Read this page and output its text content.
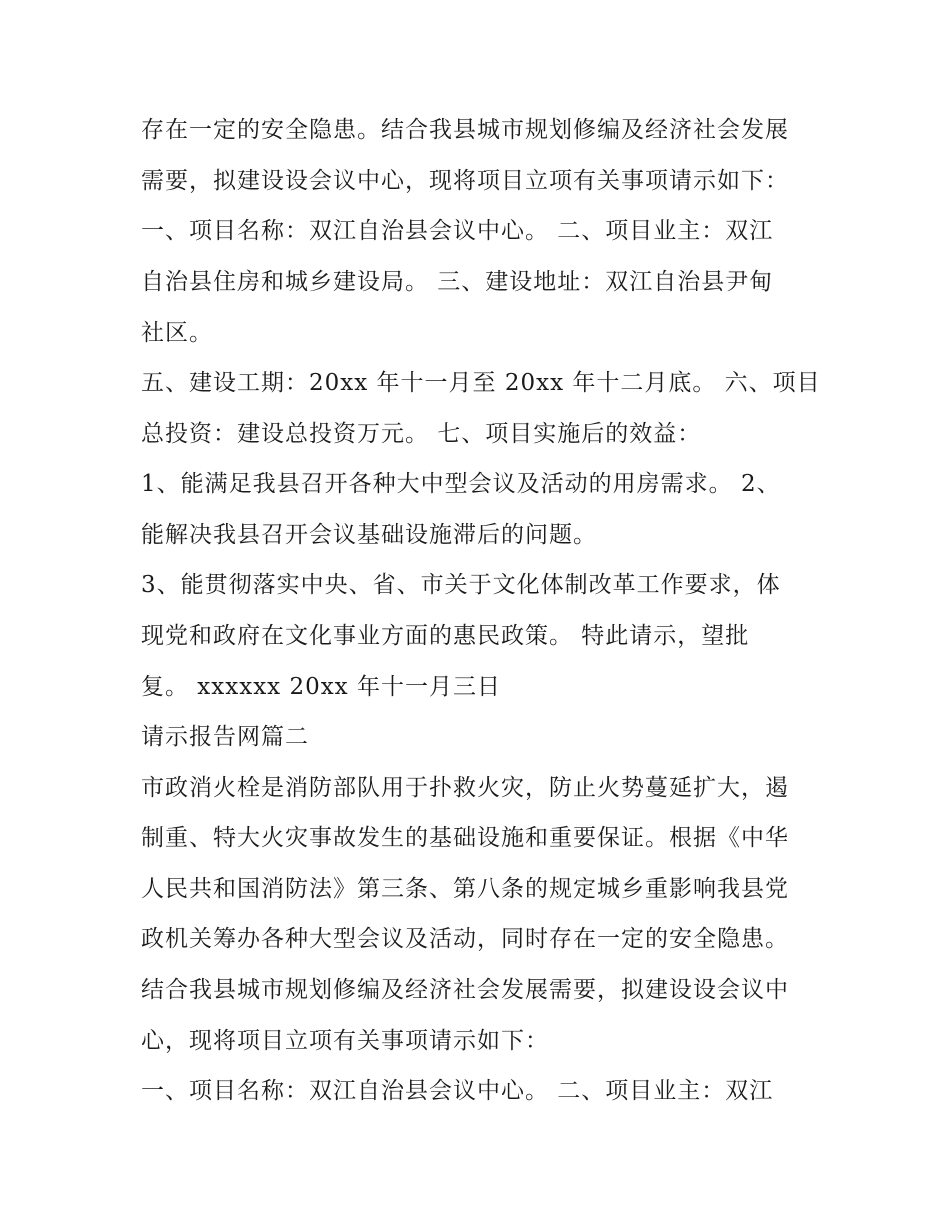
存在一定的安全隐患。结合我县城市规划修编及经济社会发展

需要，拟建设设会议中心，现将项目立项有关事项请示如下：

一、项目名称：双江自治县会议中心。 二、项目业主：双江

自治县住房和城乡建设局。 三、建设地址：双江自治县尹甸

社区。

五、建设工期：20xx 年十一月至 20xx 年十二月底。 六、项目

总投资：建设总投资万元。 七、项目实施后的效益：

1、能满足我县召开各种大中型会议及活动的用房需求。 2、

能解决我县召开会议基础设施滞后的问题。

3、能贯彻落实中央、省、市关于文化体制改革工作要求，体

现党和政府在文化事业方面的惠民政策。 特此请示，望批

复。 xxxxxx 20xx 年十一月三日

请示报告网篇二

市政消火栓是消防部队用于扑救火灾，防止火势蔓延扩大，遏

制重、特大火灾事故发生的基础设施和重要保证。根据《中华

人民共和国消防法》第三条、第八条的规定城乡重影响我县党

政机关筹办各种大型会议及活动，同时存在一定的安全隐患。

结合我县城市规划修编及经济社会发展需要，拟建设设会议中

心，现将项目立项有关事项请示如下：

一、项目名称：双江自治县会议中心。 二、项目业主：双江
